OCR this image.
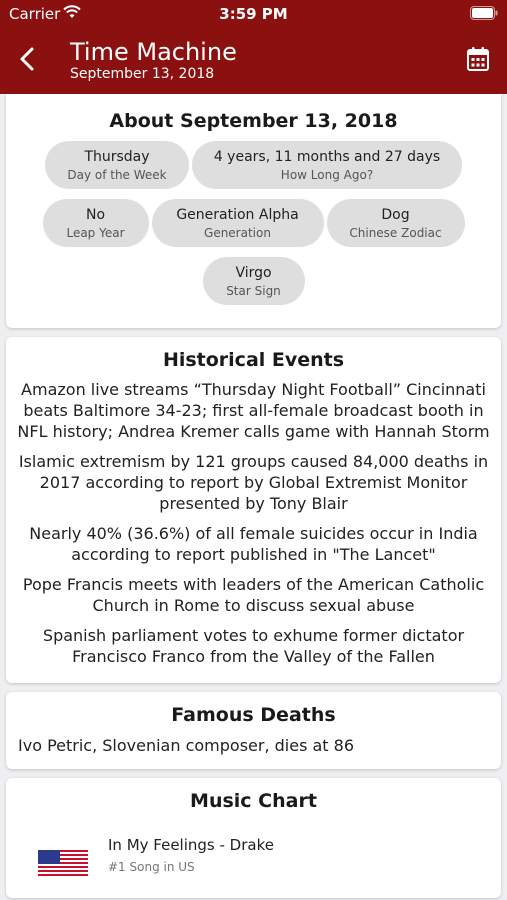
Carrier	3:59 PM
Time Machine
September 13, 2018
About September 13, 2018
Thursday
Day of the Week
4 years, 11 months and 27 days
How Long Ago?
No
Leap Year
Generation Alpha
Generation
Dog
Chinese Zodiac
Virgo
Star Sign
Historical Events

Amazon live streams “Thursday Night Football” Cincinnati beats Baltimore 34-23; first all-female broadcast booth in NFL history; Andrea Kremer calls game with Hannah Storm

Islamic extremism by 121 groups caused 84,000 deaths in 2017 according to report by Global Extremist Monitor presented by Tony Blair

Nearly 40% (36.6%) of all female suicides occur in India according to report published in "The Lancet"

Pope Francis meets with leaders of the American Catholic Church in Rome to discuss sexual abuse

Spanish parliament votes to exhume former dictator Francisco Franco from the Valley of the Fallen

Famous Deaths

Ivo Petric, Slovenian composer, dies at 86

Music Chart
In My Feelings - Drake
#1 Song in US
